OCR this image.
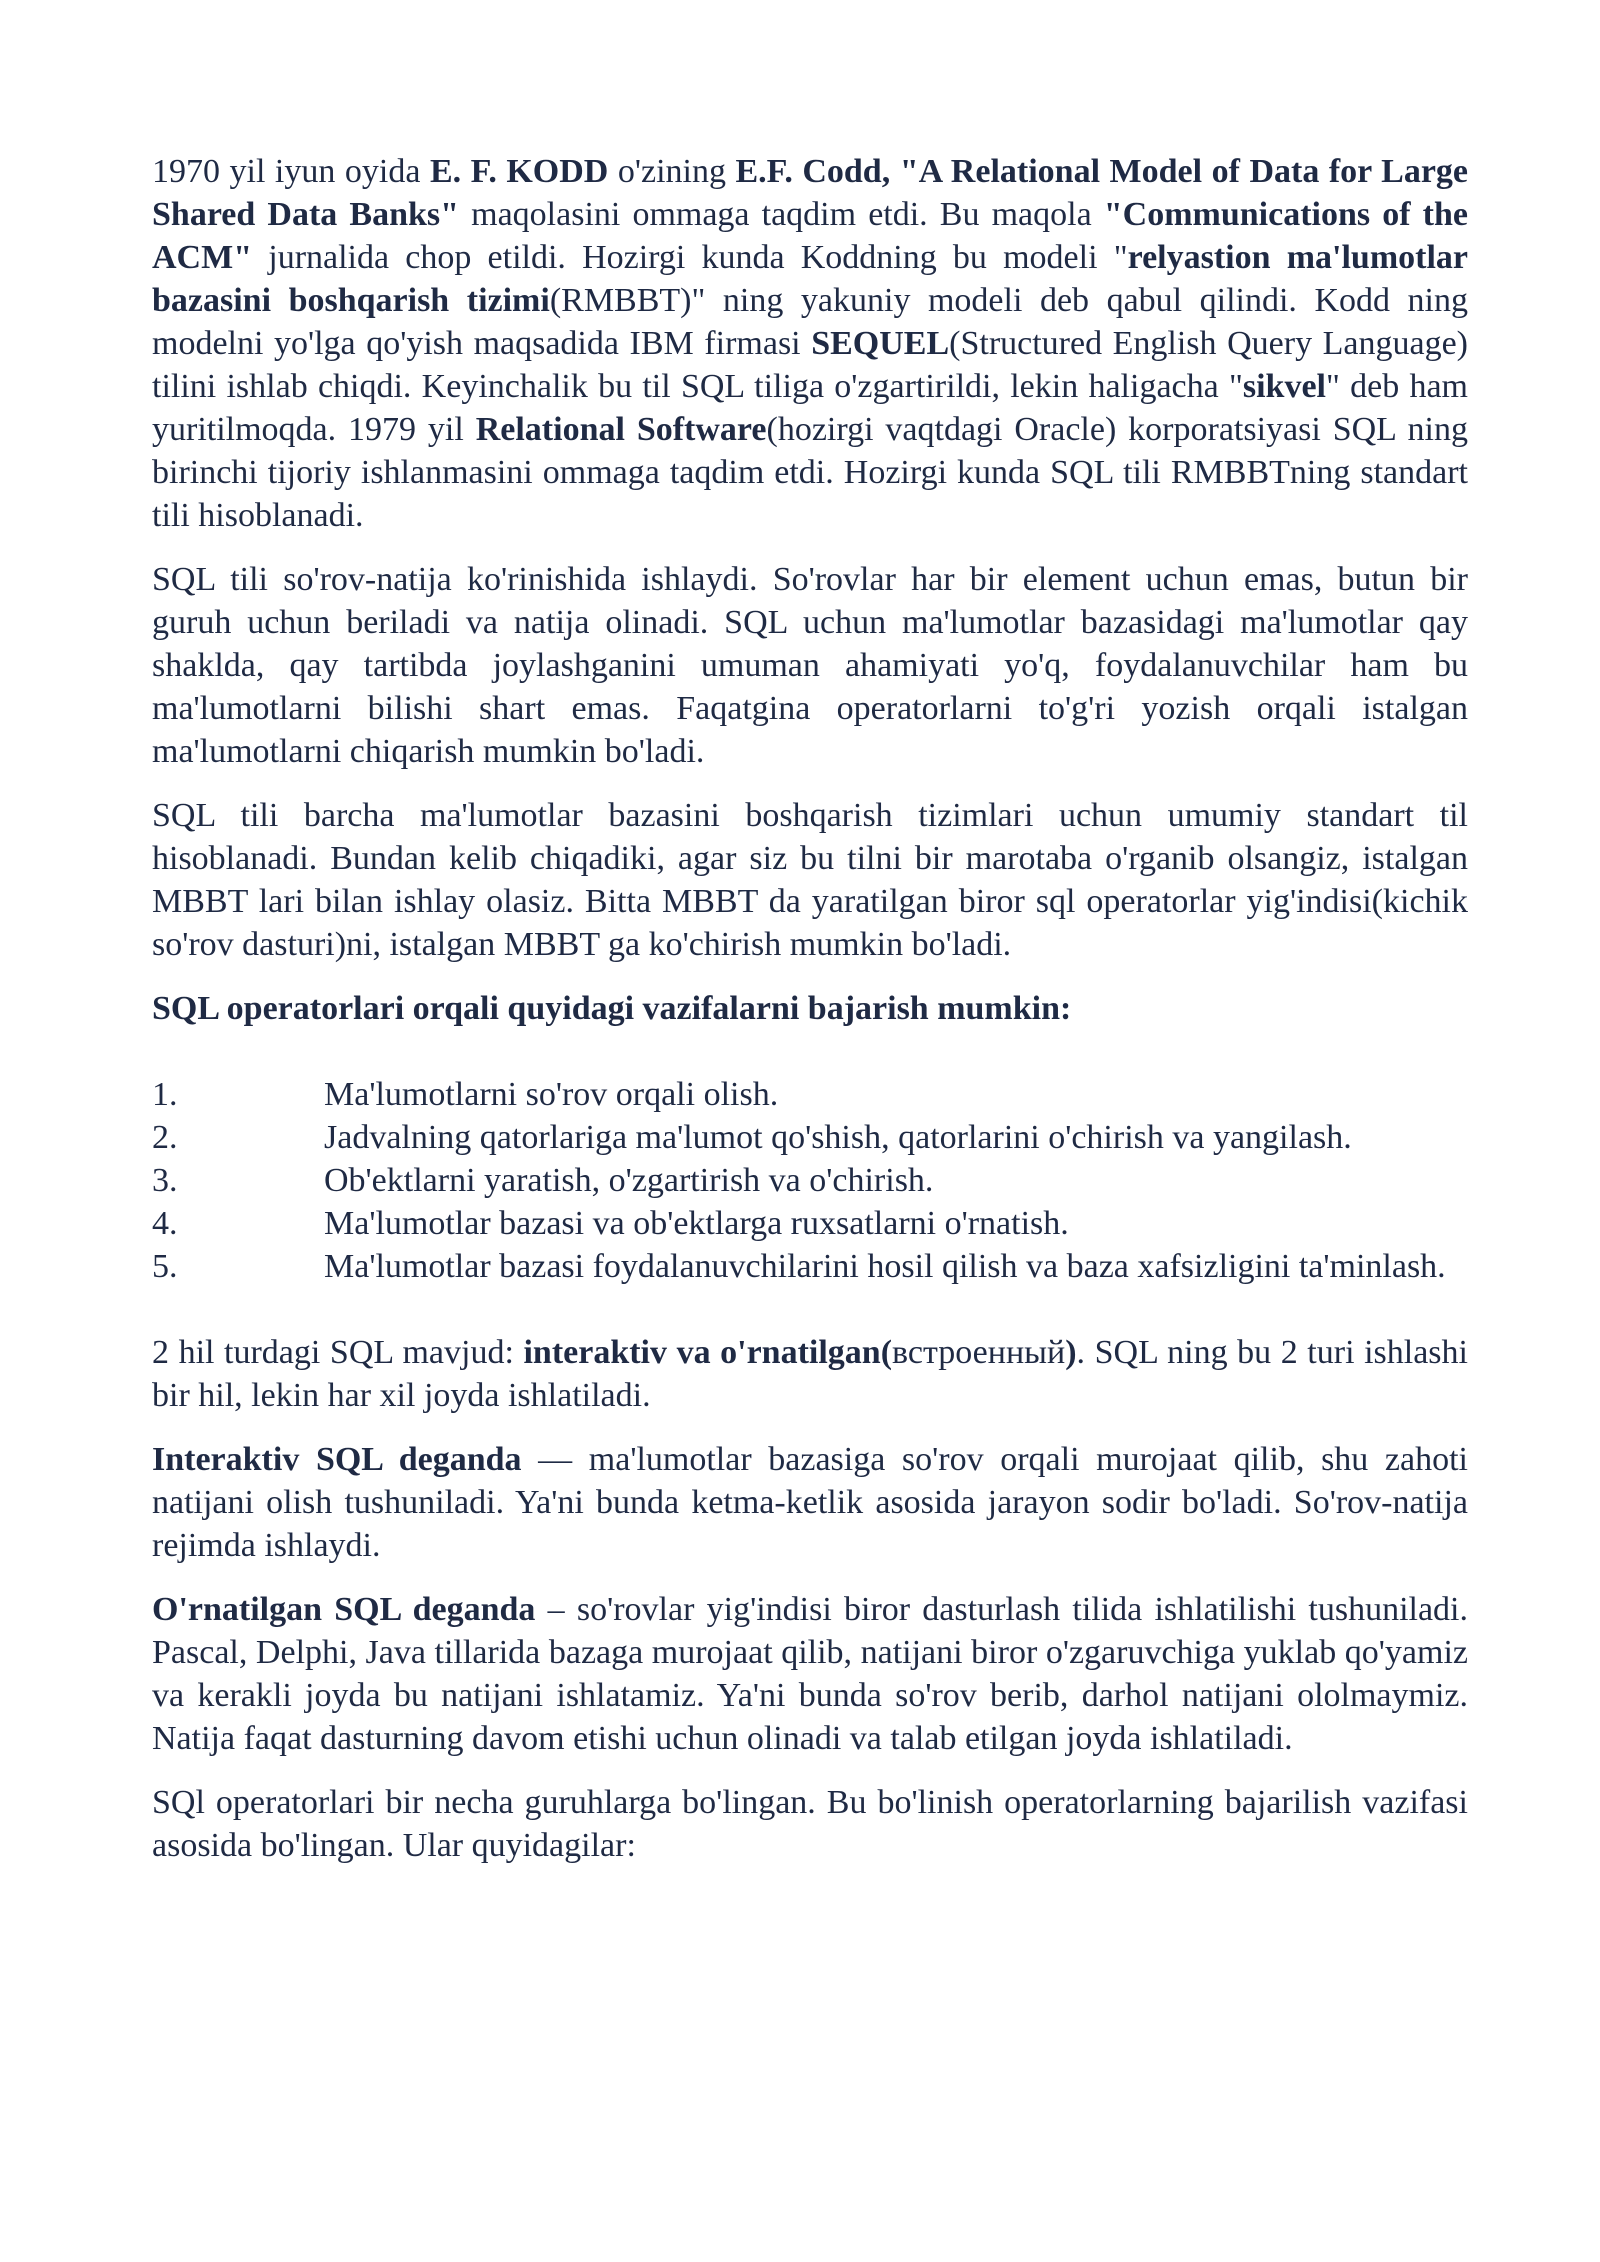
1970 yil iyun oyida E. F. KODD o'zining E.F. Codd, "A Relational Model of Data for Large Shared Data Banks" maqolasini ommaga taqdim etdi. Bu maqola "Communications of the ACM" jurnalida chop etildi. Hozirgi kunda Koddning bu modeli "relyastion ma'lumotlar bazasini boshqarish tizimi(RMBBT)" ning yakuniy modeli deb qabul qilindi. Kodd ning modelni yo'lga qo'yish maqsadida IBM firmasi SEQUEL(Structured English Query Language) tilini ishlab chiqdi. Keyinchalik bu til SQL tiliga o'zgartirildi, lekin haligacha "sikvel" deb ham yuritilmoqda. 1979 yil Relational Software(hozirgi vaqtdagi Oracle) korporatsiyasi SQL ning birinchi tijoriy ishlanmasini ommaga taqdim etdi. Hozirgi kunda SQL tili RMBBTning standart tili hisoblanadi.

SQL tili so'rov-natija ko'rinishida ishlaydi. So'rovlar har bir element uchun emas, butun bir guruh uchun beriladi va natija olinadi. SQL uchun ma'lumotlar bazasidagi ma'lumotlar qay shaklda, qay tartibda joylashganini umuman ahamiyati yo'q, foydalanuvchilar ham bu ma'lumotlarni bilishi shart emas. Faqatgina operatorlarni to'g'ri yozish orqali istalgan ma'lumotlarni chiqarish mumkin bo'ladi.

SQL tili barcha ma'lumotlar bazasini boshqarish tizimlari uchun umumiy standart til hisoblanadi. Bundan kelib chiqadiki, agar siz bu tilni bir marotaba o'rganib olsangiz, istalgan MBBT lari bilan ishlay olasiz. Bitta MBBT da yaratilgan biror sql operatorlar yig'indisi(kichik so'rov dasturi)ni, istalgan MBBT ga ko'chirish mumkin bo'ladi.

SQL operatorlari orqali quyidagi vazifalarni bajarish mumkin:

1.	Ma'lumotlarni so'rov orqali olish.
2.	Jadvalning qatorlariga ma'lumot qo'shish, qatorlarini o'chirish va yangilash.
3.	Ob'ektlarni yaratish, o'zgartirish va o'chirish.
4.	Ma'lumotlar bazasi va ob'ektlarga ruxsatlarni o'rnatish.
5.	Ma'lumotlar bazasi foydalanuvchilarini hosil qilish va baza xafsizligini ta'minlash.

2 hil turdagi SQL mavjud: interaktiv va o'rnatilgan(встроенный). SQL ning bu 2 turi ishlashi bir hil, lekin har xil joyda ishlatiladi.

Interaktiv SQL deganda — ma'lumotlar bazasiga so'rov orqali murojaat qilib, shu zahoti natijani olish tushuniladi. Ya'ni bunda ketma-ketlik asosida jarayon sodir bo'ladi. So'rov-natija rejimda ishlaydi.

O'rnatilgan SQL deganda – so'rovlar yig'indisi biror dasturlash tilida ishlatilishi tushuniladi. Pascal, Delphi, Java tillarida bazaga murojaat qilib, natijani biror o'zgaruvchiga yuklab qo'yamiz va kerakli joyda bu natijani ishlatamiz. Ya'ni bunda so'rov berib, darhol natijani ololmaymiz. Natija faqat dasturning davom etishi uchun olinadi va talab etilgan joyda ishlatiladi.

SQl operatorlari bir necha guruhlarga bo'lingan. Bu bo'linish operatorlarning bajarilish vazifasi asosida bo'lingan. Ular quyidagilar:
